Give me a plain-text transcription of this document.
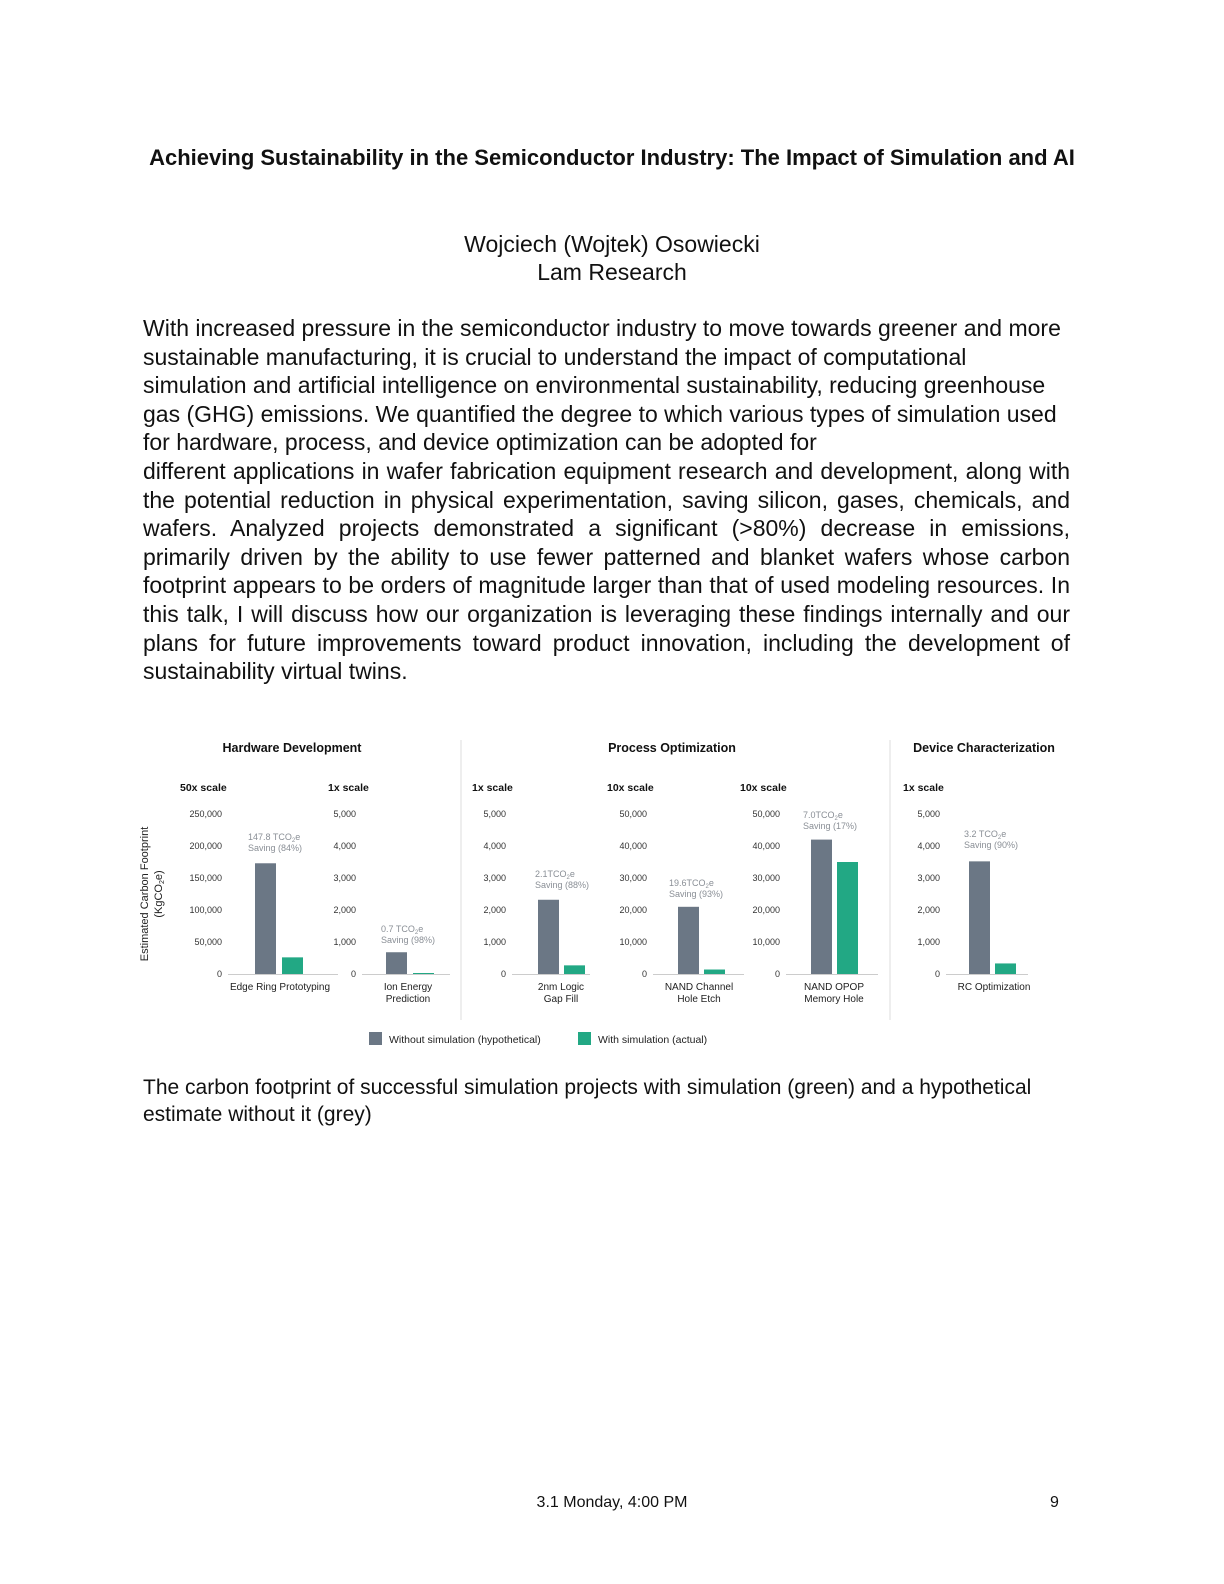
Achieving Sustainability in the Semiconductor Industry: The Impact of Simulation and AI
Wojciech (Wojtek) Osowiecki
Lam Research

With increased pressure in the semiconductor industry to move towards greener and more sustainable manufacturing, it is crucial to understand the impact of computational simulation and artificial intelligence on environmental sustainability, reducing greenhouse gas (GHG) emissions. We quantified the degree to which various types of simulation used for hardware, process, and device optimization can be adopted for

different applications in wafer fabrication equipment research and development, along with the potential reduction in physical experimentation, saving silicon, gases, chemicals, and wafers. Analyzed projects demonstrated a significant (>80%) decrease in emissions, primarily driven by the ability to use fewer patterned and blanket wafers whose carbon footprint appears to be orders of magnitude larger than that of used modeling resources. In this talk, I will discuss how our organization is leveraging these findings internally and our plans for future improvements toward product innovation, including the development of sustainability virtual twins.

Estimated Carbon Footprint (KgCO2e)
Hardware Development	Process Optimization	Device Characterization
50x scale
250,000
200,000
150,000
100,000
50,000
0
147.8 $TCO_2e$
Saving (84%)
Edge Ring Prototyping
1x scale
5,000
4,000
3,000
2,000
1,000
0
0.7 $TCO_2e$
Saving (98%)
Ion Energy
Prediction
1x scale
5,000
4,000
3,000
2,000
1,000
0
$2.1TCO_2e$
Saving (88%)
2nm Logic
Gap Fill
10x scale
50,000
40,000
30,000
20,000
10,000
0
$19.6TCO_2e$
Saving (93%)
NAND Channel
Hole Etch
10x scale
50,000
40,000
30,000
20,000
10,000
0
$7.0TCO_2e$
Saving (17%)
NAND OPOP
Memory Hole
1x scale
5,000
4,000
3,000
2,000
1,000
0
3.2 $TCO_2e$
Saving (90%)
RC Optimization
Without simulation (hypothetical)	With simulation (actual)

The carbon footprint of successful simulation projects with simulation (green) and a hypothetical estimate without it (grey)

3.1 Monday, 4:00 PM	9
